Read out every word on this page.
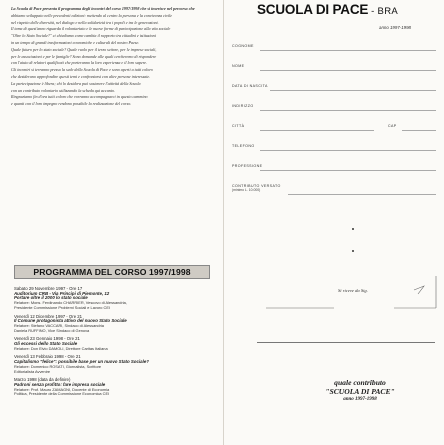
La Scuola di Pace presenta il programma degli incontri del corso 1997/1998 che si inserisce nel percorso che

abbiamo sviluppato nelle precedenti edizioni: mettendo al centro la persona e la convivenza civile

nel rispetto delle diversità, nel dialogo e nella solidarietà tra i popoli e tra le generazioni.

Il tema di quest'anno riguarda il volontariato e le nuove forme di partecipazione alla vita sociale

"Oltre lo Stato Sociale?" ci chiediamo come cambia il rapporto tra cittadini e istituzioni

in un tempo di grandi trasformazioni economiche e culturali del nostro Paese.

Quale futuro per lo stato sociale? Quale ruolo per il terzo settore, per le imprese sociali,

per le associazioni e per le famiglie? Sono domande alle quali cercheremo di rispondere

con l'aiuto di relatori qualificati che porteranno la loro esperienza e il loro sapere.

Gli incontri si terranno presso la sede della Scuola di Pace e sono aperti a tutti coloro

che desiderano approfondire questi temi e confrontarsi con altre persone interessate.

La partecipazione è libera; chi lo desidera può sostenere l'attività della Scuola

con un contributo volontario utilizzando la scheda qui accanto.

Ringraziamo fin d'ora tutti coloro che vorranno accompagnarci in questo cammino

e quanti con il loro impegno rendono possibile la realizzazione del corso.

PROGRAMMA DEL CORSO 1997/1998
Sabato 29 Novembre 1997 - Ore 17
Auditorium CRB - Via Principi di Piemonte, 12
Portare oltre il 2000 lo stato sociale
Relatore: Mons. Ferdinando CHARRIER, Vescovo di Alessandria,
Presidente Commissione Problemi Sociali e Lavoro CEI
Venerdì 12 Dicembre 1997 - Ore 21
Il Comune protagonista attivo del nuovo Stato Sociale
Relatore: Stefano VACCARI, Sindaco di Alessandria
Daniela RUFFINO, Vice Sindaco di Genova
Venerdì 23 Gennaio 1998 - Ore 21
Gli eccessi dello Stato Sociale
Relatore: Don Elvio DAMOLI, Direttore Caritas Italiana
Venerdì 13 Febbraio 1998 - Ore 21
Capitalismo "felice": possibile base per un nuovo Stato Sociale?
Relatore: Domenico ROSATI, Giornalista, Scrittore
Editorialista Avvenire
Marzo 1998 (data da definire)
Padroni senza profitto: fare impresa sociale
Relatore: Prof. Mauro ZAMAGNI, Docente di Economia
Politica, Presidente della Commissione Economica CEI
SCUOLA DI PACE - BRA
anno 1997-1998
COGNOME
NOME
DATA DI NASCITA
INDIRIZZO
CITTÀ	CAP
TELEFONO
PROFESSIONE
CONTRIBUTO VERSATO
(minimo L. 10.000)
Si riceve da Sig.
quale contributo
"SCUOLA DI PACE"
anno 1997-1998
